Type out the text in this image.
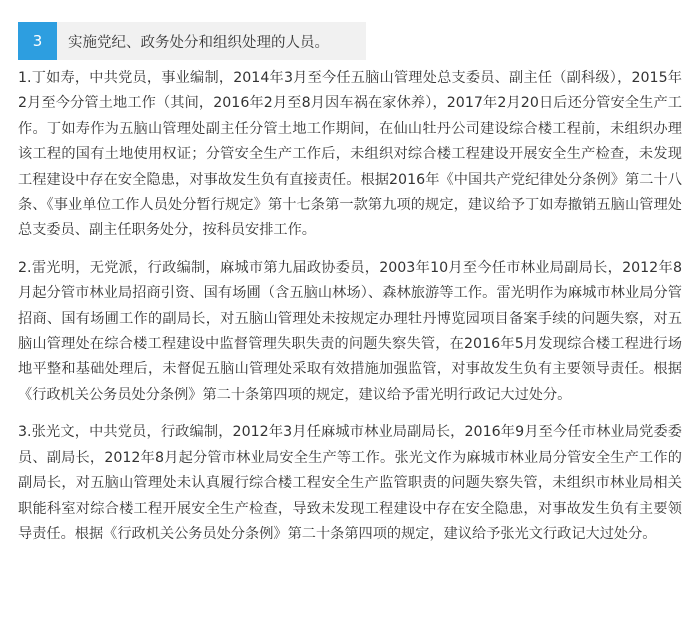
3	实施党纪、政务处分和组织处理的人员。

1.丁如寿，中共党员，事业编制，2014年3月至今任五脑山管理处总支委员、副主任（副科级），2015年2月至今分管土地工作（其间，2016年2月至8月因车祸在家休养），2017年2月20日后还分管安全生产工作。丁如寿作为五脑山管理处副主任分管土地工作期间，在仙山牡丹公司建设综合楼工程前，未组织办理该工程的国有土地使用权证；分管安全生产工作后，未组织对综合楼工程建设开展安全生产检查，未发现工程建设中存在安全隐患，对事故发生负有直接责任。根据2016年《中国共产党纪律处分条例》第二十八条、《事业单位工作人员处分暂行规定》第十七条第一款第九项的规定，建议给予丁如寿撤销五脑山管理处总支委员、副主任职务处分，按科员安排工作。

2.雷光明，无党派，行政编制，麻城市第九届政协委员，2003年10月至今任市林业局副局长，2012年8月起分管市林业局招商引资、国有场圃（含五脑山林场）、森林旅游等工作。雷光明作为麻城市林业局分管招商、国有场圃工作的副局长，对五脑山管理处未按规定办理牡丹博览园项目备案手续的问题失察，对五脑山管理处在综合楼工程建设中监督管理失职失责的问题失察失管，在2016年5月发现综合楼工程进行场地平整和基础处理后，未督促五脑山管理处采取有效措施加强监管，对事故发生负有主要领导责任。根据《行政机关公务员处分条例》第二十条第四项的规定，建议给予雷光明行政记大过处分。

3.张光文，中共党员，行政编制，2012年3月任麻城市林业局副局长，2016年9月至今任市林业局党委委员、副局长，2012年8月起分管市林业局安全生产等工作。张光文作为麻城市林业局分管安全生产工作的副局长，对五脑山管理处未认真履行综合楼工程安全生产监管职责的问题失察失管，未组织市林业局相关职能科室对综合楼工程开展安全生产检查，导致未发现工程建设中存在安全隐患，对事故发生负有主要领导责任。根据《行政机关公务员处分条例》第二十条第四项的规定，建议给予张光文行政记大过处分。
